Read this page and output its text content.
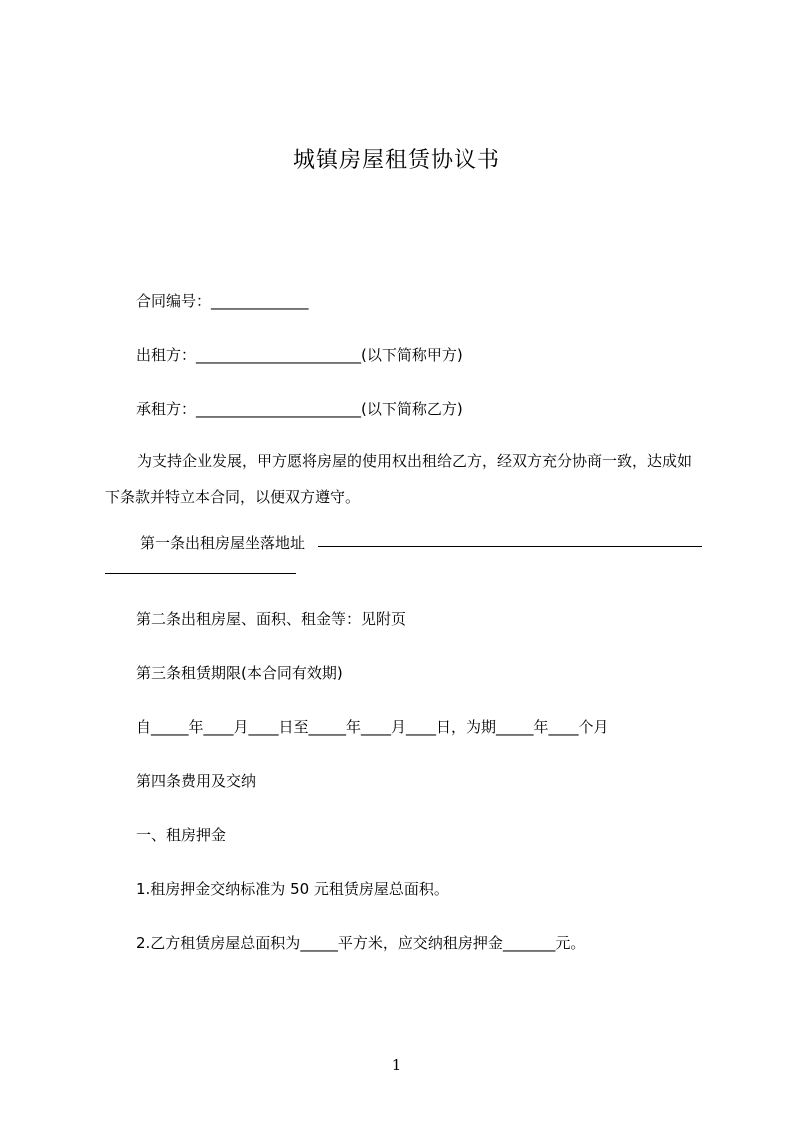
城镇房屋租赁协议书
合同编号：_____________
出租方：______________________(以下简称甲方)
承租方：______________________(以下简称乙方)
为支持企业发展，甲方愿将房屋的使用权出租给乙方，经双方充分协商一致，达成如下条款并特立本合同，以便双方遵守。
第一条出租房屋坐落地址
第二条出租房屋、面积、租金等：见附页
第三条租赁期限(本合同有效期)
自_____年____月____日至_____年____月____日，为期_____年____个月
第四条费用及交纳
一、租房押金
1.租房押金交纳标准为 50 元租赁房屋总面积。
2.乙方租赁房屋总面积为_____平方米，应交纳租房押金_______元。
1
